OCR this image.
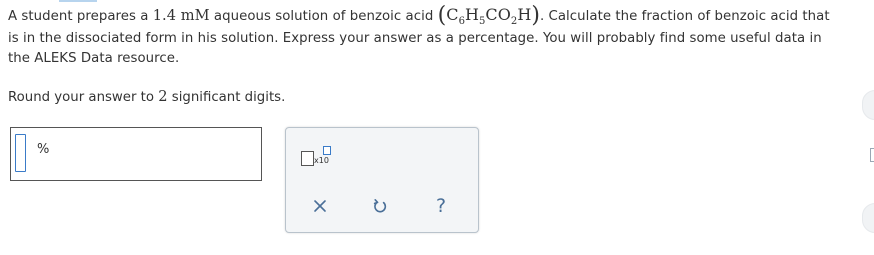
A student prepares a 1.4 mM aqueous solution of benzoic acid $(C_6H_5CO_2H)$. Calculate the fraction of benzoic acid that
is in the dissociated form in his solution. Express your answer as a percentage. You will probably find some useful data in
the ALEKS Data resource.
Round your answer to 2 significant digits.
%
x10
?
